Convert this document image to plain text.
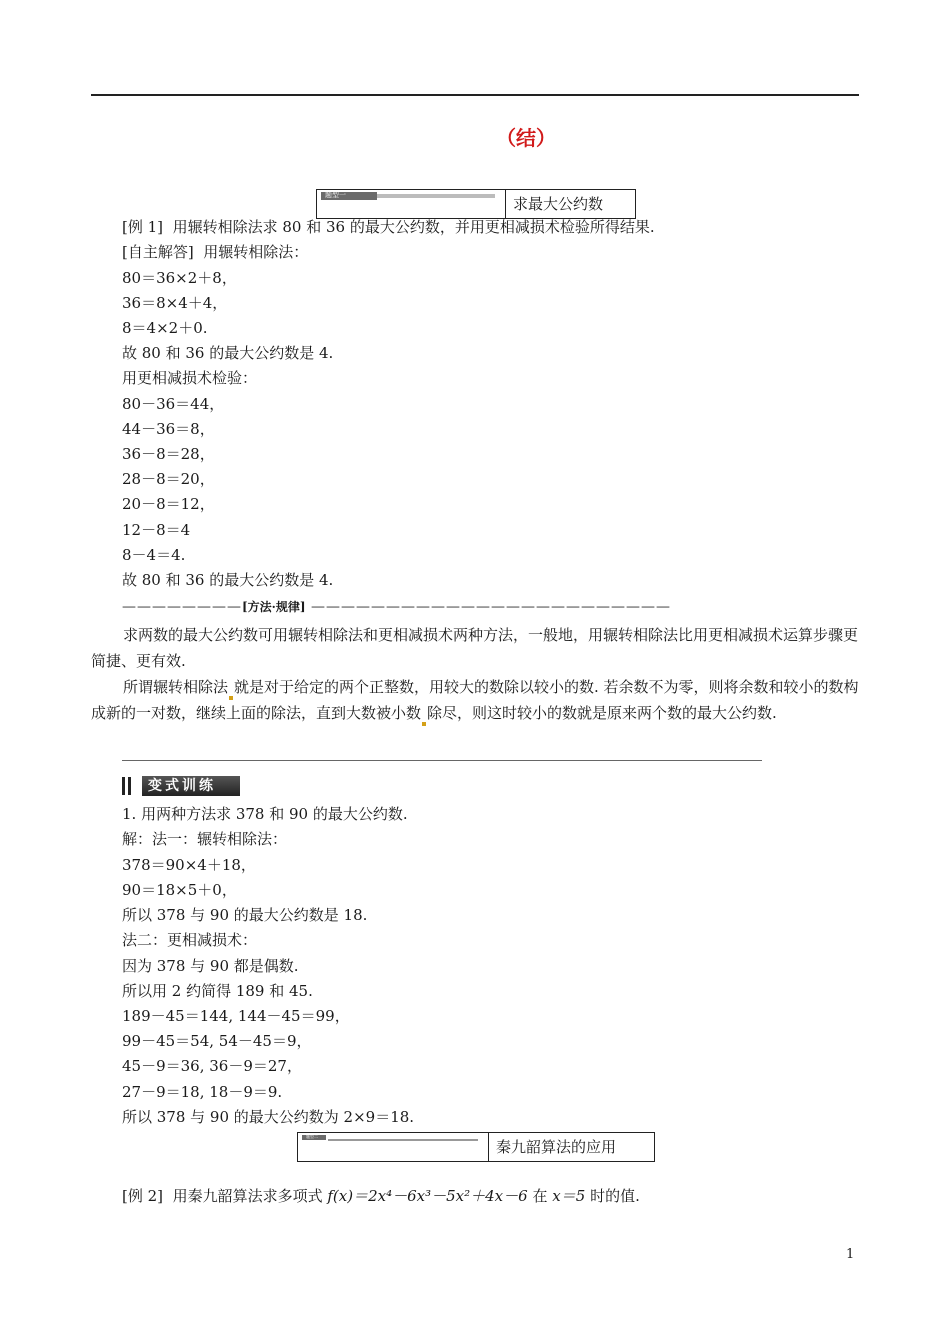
（结）
题型一	求最大公约数
[例 1] 用辗转相除法求 80 和 36 的最大公约数，并用更相减损术检验所得结果.
[自主解答] 用辗转相除法：
80＝36×2＋8，
36＝8×4＋4，
8＝4×2＋0.
故 80 和 36 的最大公约数是 4.
用更相减损术检验：
80－36＝44，
44－36＝8，
36－8＝28，
28－8＝20，
20－8＝12，
12－8＝4
8－4＝4.
故 80 和 36 的最大公约数是 4.
————————[方法·规律] ————————————————————————
求两数的最大公约数可用辗转相除法和更相减损术两种方法，一般地，用辗转相除法比用更相减损术运算步骤更简捷、更有效.
所谓辗转相除法 就是对于给定的两个正整数，用较大的数除以较小的数. 若余数不为零，则将余数和较小的数构成新的一对数，继续上面的除法，直到大数被小数 除尽，则这时较小的数就是原来两个数的最大公约数.
变式训练
1. 用两种方法求 378 和 90 的最大公约数.
解：法一：辗转相除法：
378＝90×4＋18，
90＝18×5＋0，
所以 378 与 90 的最大公约数是 18.
法二：更相减损术：
因为 378 与 90 都是偶数.
所以用 2 约简得 189 和 45.
189－45＝144, 144－45＝99，
99－45＝54, 54－45＝9，
45－9＝36, 36－9＝27，
27－9＝18, 18－9＝9.
所以 378 与 90 的最大公约数为 2×9＝18.
题型二
秦九韶算法的应用
[例 2] 用秦九韶算法求多项式 f(x)＝2x⁴－6x³－5x²＋4x－6 在 x＝5 时的值.
1
